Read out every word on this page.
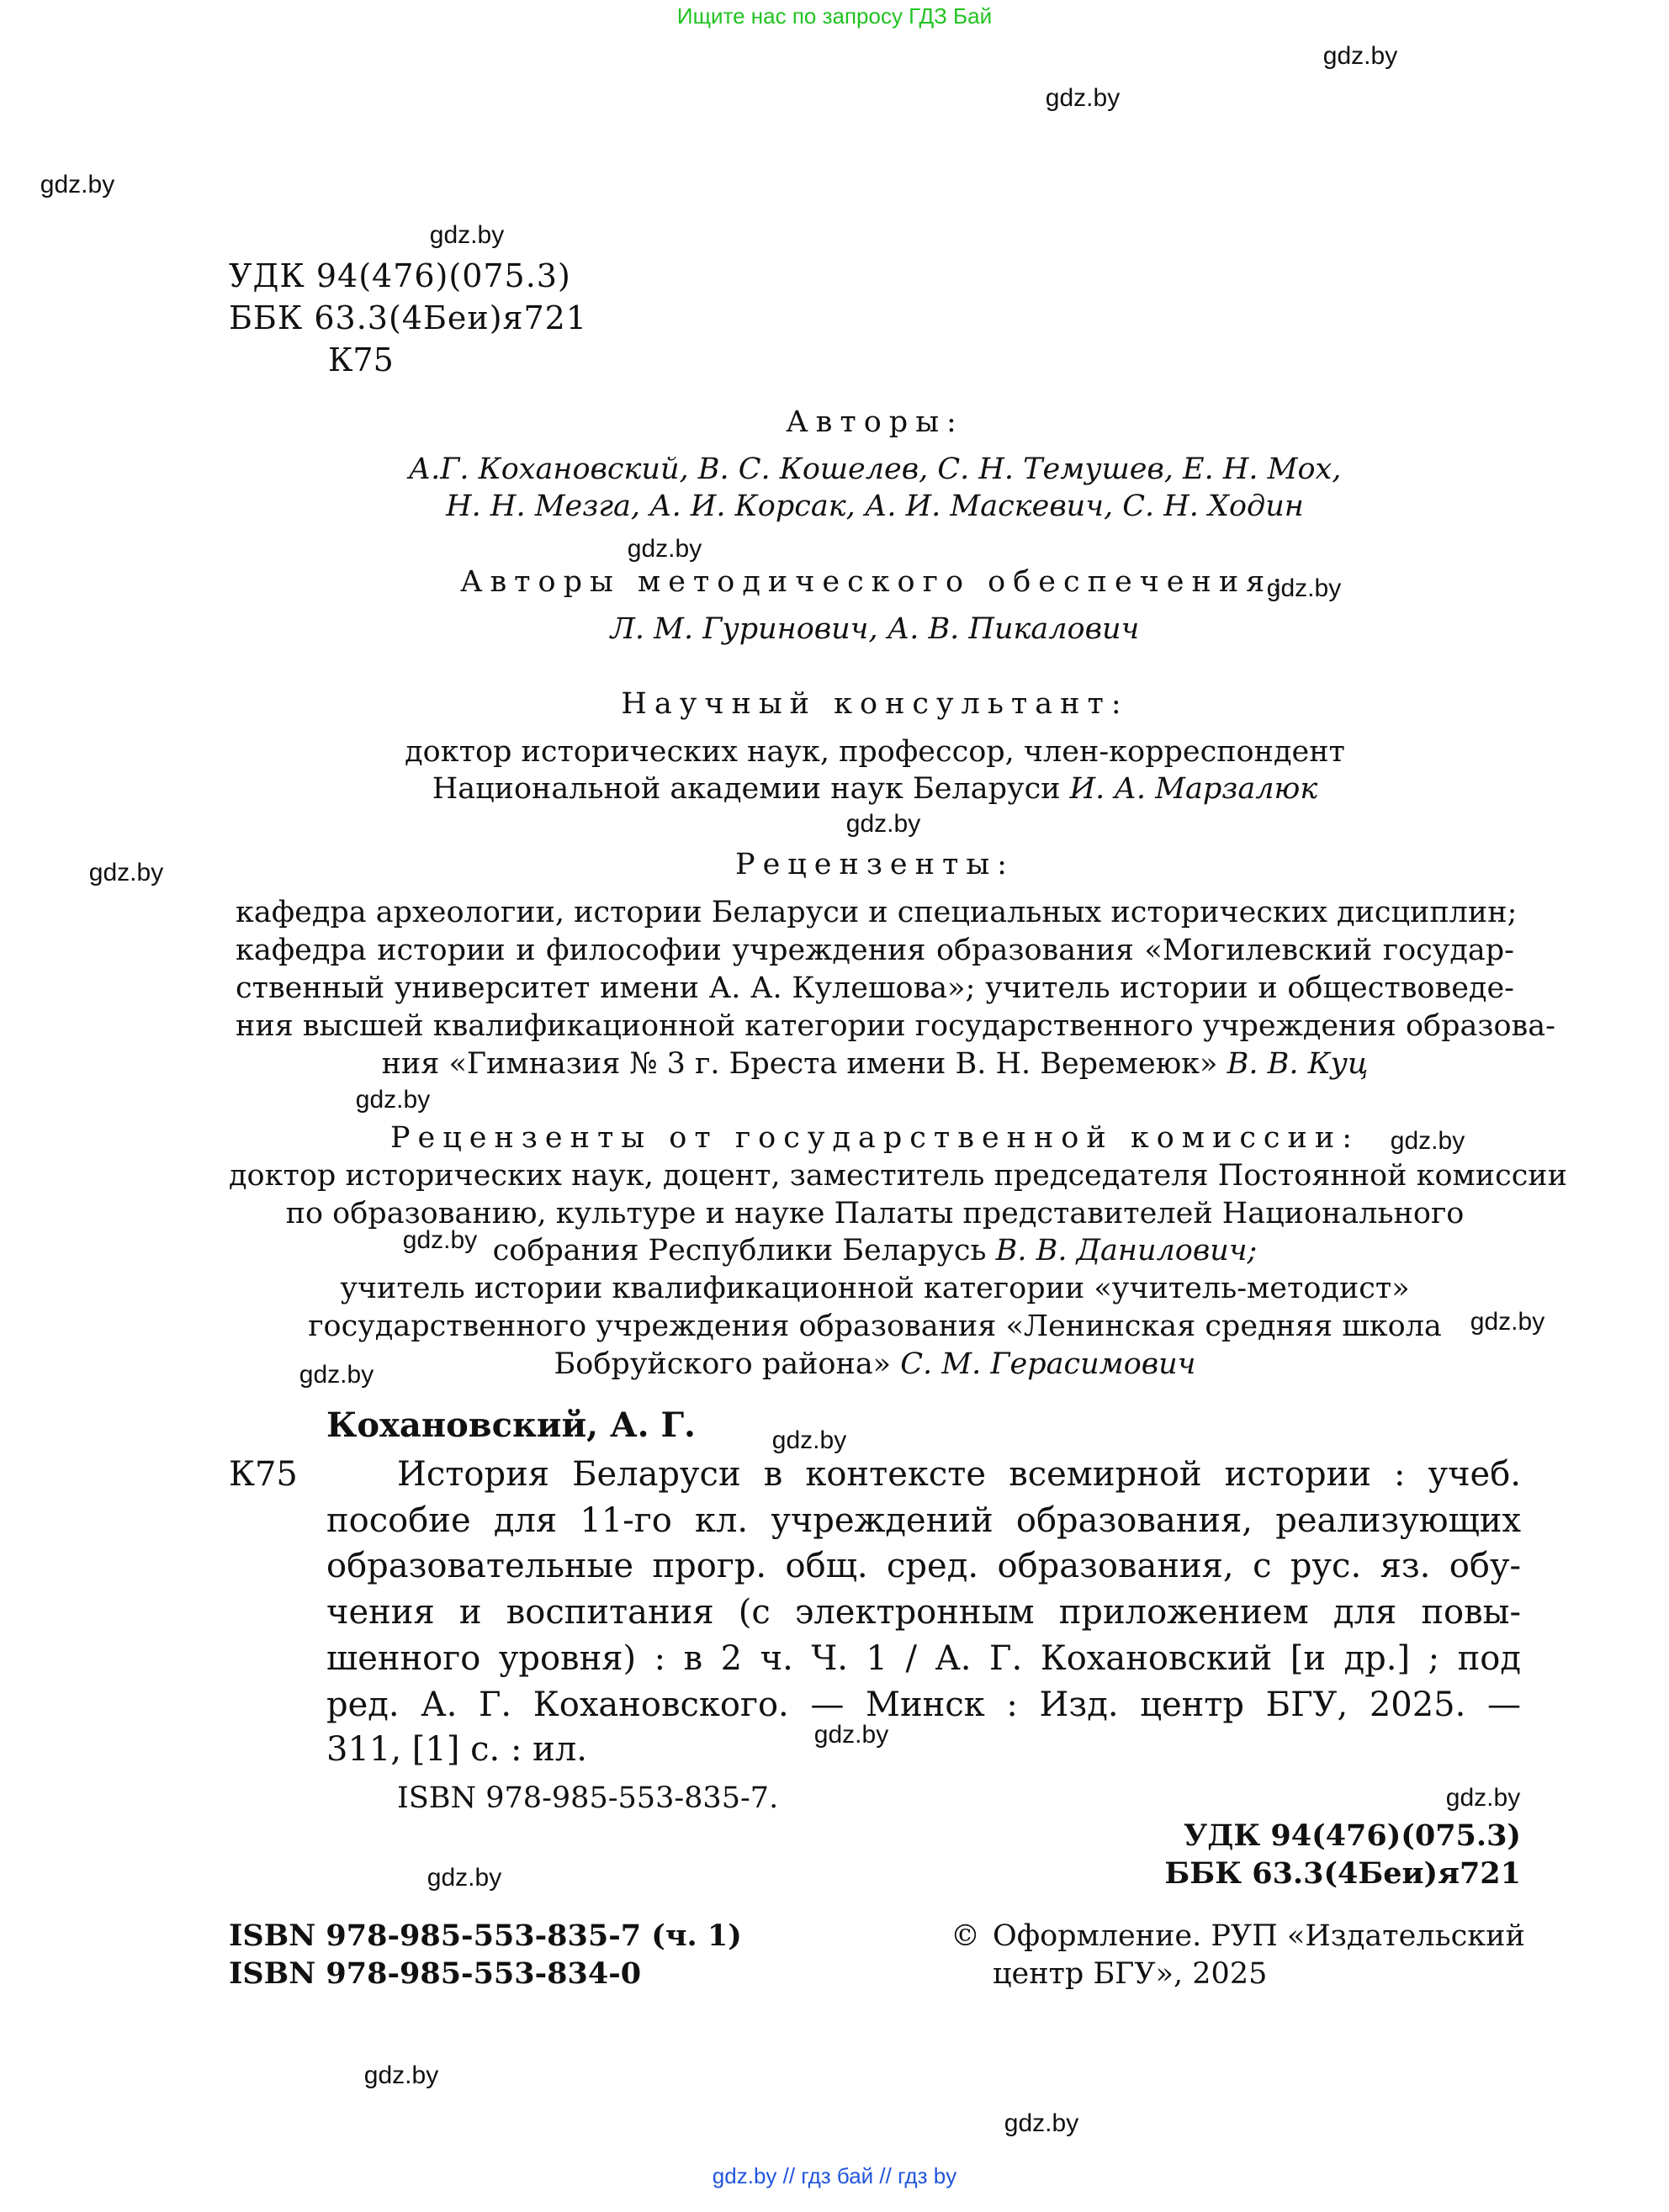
Ищите нас по запросу ГДЗ Бай
gdz.by
gdz.by
gdz.by
gdz.by
gdz.by
gdz.by
gdz.by
gdz.by
gdz.by
gdz.by
gdz.by
gdz.by
gdz.by
gdz.by
gdz.by
gdz.by
gdz.by
gdz.by
gdz.by
УДК 94(476)(075.3)
ББК 63.3(4Беи)я721
К75
Авторы:
А.Г. Кохановский, В. С. Кошелев, С. Н. Темушев, Е. Н. Мох,
Н. Н. Мезга, А. И. Корсак, А. И. Маскевич, С. Н. Ходин
Авторы методического обеспечения:
Л. М. Гуринович, А. В. Пикалович
Научный консультант:
доктор исторических наук, профессор, член-корреспондент
Национальной академии наук Беларуси И. А. Марзалюк
Рецензенты:
кафедра археологии, истории Беларуси и специальных исторических дисциплин;
кафедра истории и философии учреждения образования «Могилевский государ-
ственный университет имени А. А. Кулешова»; учитель истории и обществоведе-
ния высшей квалификационной категории государственного учреждения образова-
ния «Гимназия № 3 г. Бреста имени В. Н. Веремеюк» В. В. Куц
Рецензенты от государственной комиссии:
доктор исторических наук, доцент, заместитель председателя Постоянной комиссии
по образованию, культуре и науке Палаты представителей Национального
собрания Республики Беларусь В. В. Данилович;
учитель истории квалификационной категории «учитель-методист»
государственного учреждения образования «Ленинская средняя школа
Бобруйского района» С. М. Герасимович
Кохановский, А. Г.
К75	История Беларуси в контексте всемирной истории : учеб.
пособие для 11-го кл. учреждений образования, реализующих
образовательные прогр. общ. сред. образования, с рус. яз. обу-
чения и воспитания (с электронным приложением для повы-
шенного уровня) : в 2 ч. Ч. 1 / А. Г. Кохановский [и др.] ; под
ред. А. Г. Кохановского. — Минск : Изд. центр БГУ, 2025. —
311, [1] с. : ил.
ISBN 978-985-553-835-7.
УДК 94(476)(075.3)
ББК 63.3(4Беи)я721
ISBN 978-985-553-835-7 (ч. 1)
ISBN 978-985-553-834-0
© Оформление. РУП «Издательский
центр БГУ», 2025
gdz.by // гдз бай // гдз by
